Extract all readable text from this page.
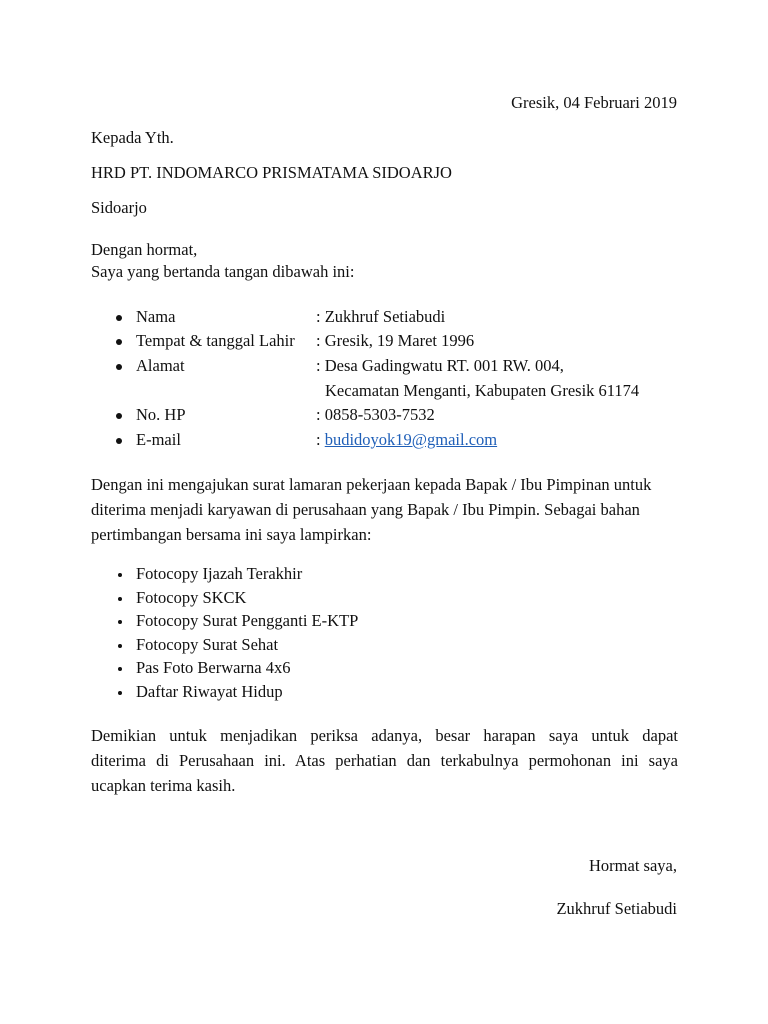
Gresik, 04 Februari 2019
Kepada Yth.
HRD PT. INDOMARCO PRISMATAMA SIDOARJO
Sidoarjo
Dengan hormat,
Saya yang bertanda tangan dibawah ini:
Nama	: Zukhruf Setiabudi
Tempat & tanggal Lahir : Gresik, 19 Maret 1996
Alamat	: Desa Gadingwatu RT. 001 RW. 004,
Kecamatan Menganti, Kabupaten Gresik 61174
No. HP	: 0858-5303-7532
E-mail	: budidoyok19@gmail.com
Dengan ini mengajukan surat lamaran pekerjaan kepada Bapak / Ibu Pimpinan untuk
diterima menjadi karyawan di perusahaan yang Bapak / Ibu Pimpin. Sebagai bahan
pertimbangan bersama ini saya lampirkan:
Fotocopy Ijazah Terakhir
Fotocopy SKCK
Fotocopy Surat Pengganti E-KTP
Fotocopy Surat Sehat
Pas Foto Berwarna 4x6
Daftar Riwayat Hidup
Demikian untuk menjadikan periksa adanya, besar harapan saya untuk dapat
diterima di Perusahaan ini. Atas perhatian dan terkabulnya permohonan ini saya
ucapkan terima kasih.
Hormat saya,
Zukhruf Setiabudi
